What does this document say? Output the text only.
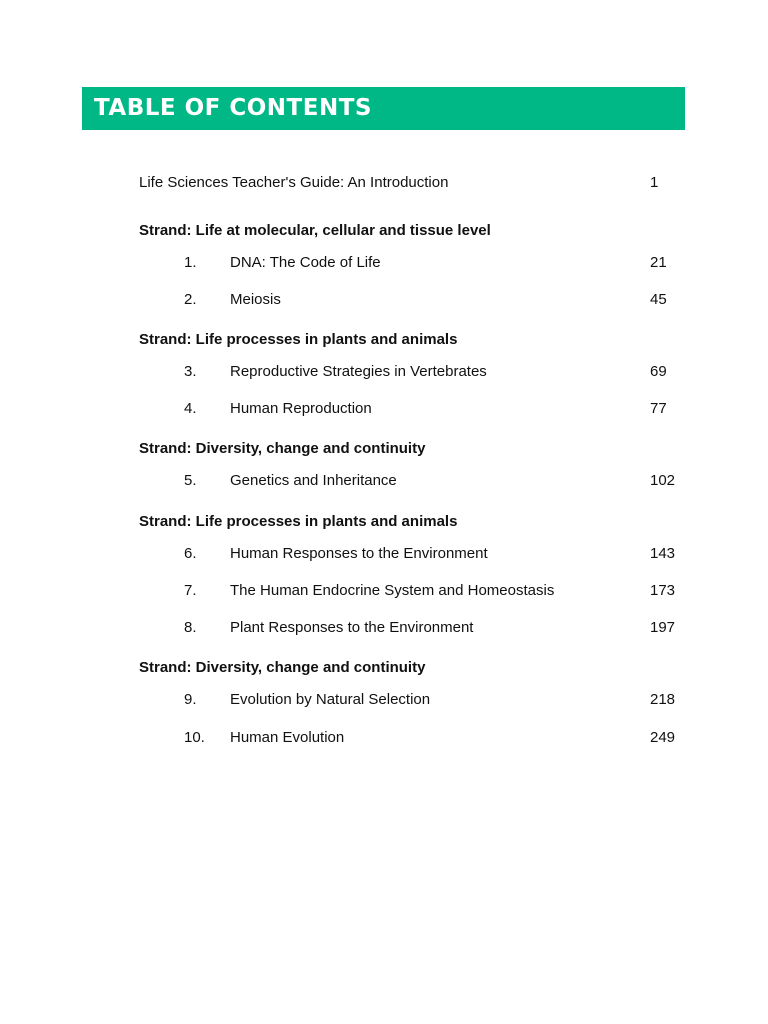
TABLE OF CONTENTS
Life Sciences Teacher's Guide: An Introduction	1
Strand: Life at molecular, cellular and tissue level
1. DNA: The Code of Life	21
2. Meiosis	45
Strand: Life processes in plants and animals
3. Reproductive Strategies in Vertebrates	69
4. Human Reproduction	77
Strand: Diversity, change and continuity
5. Genetics and Inheritance	102
Strand: Life processes in plants and animals
6. Human Responses to the Environment	143
7. The Human Endocrine System and Homeostasis	173
8. Plant Responses to the Environment	197
Strand: Diversity, change and continuity
9. Evolution by Natural Selection	218
10. Human Evolution	249
